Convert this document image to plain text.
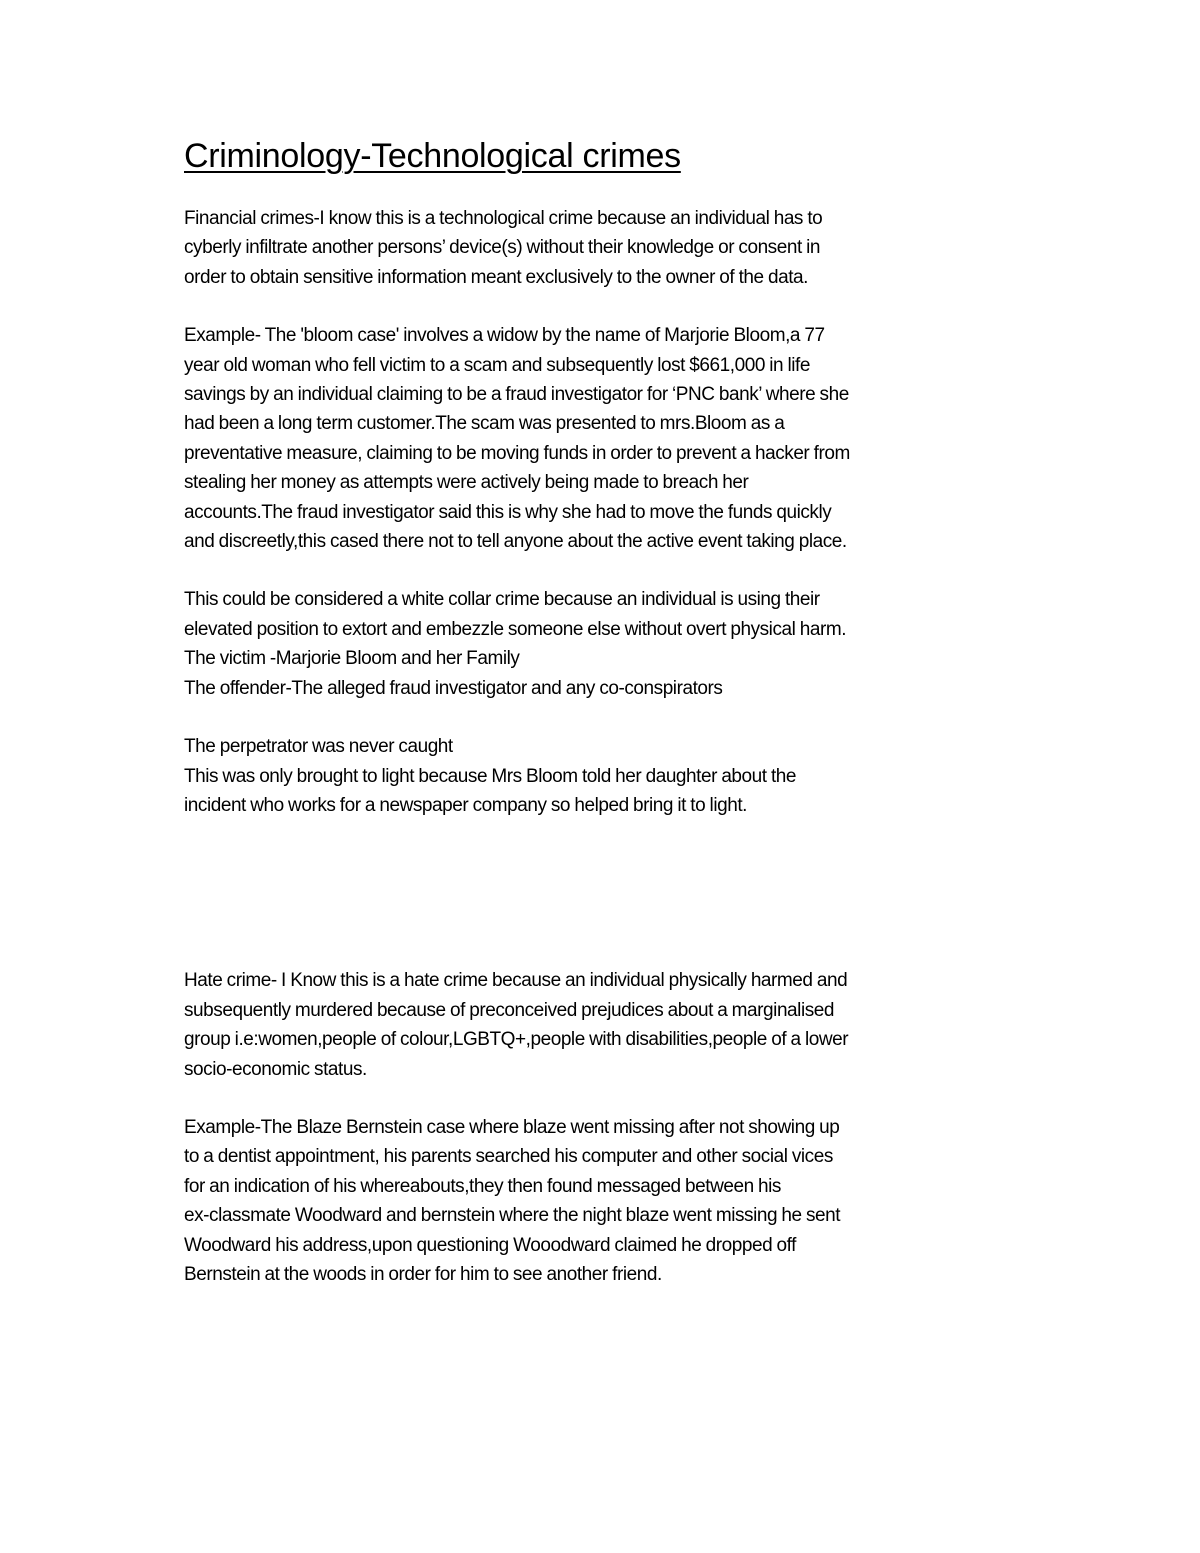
Criminology-Technological crimes

Financial crimes-I know this is a technological crime because an individual has to
cyberly infiltrate another persons’ device(s) without their knowledge or consent in
order to obtain sensitive information meant exclusively to the owner of the data.

Example- The 'bloom case' involves a widow by the name of Marjorie Bloom,a 77
year old woman who fell victim to a scam and subsequently lost $661,000 in life
savings by an individual claiming to be a fraud investigator for ‘PNC bank’ where she
had been a long term customer.The scam was presented to mrs.Bloom as a
preventative measure, claiming to be moving funds in order to prevent a hacker from
stealing her money as attempts were actively being made to breach her
accounts.The fraud investigator said this is why she had to move the funds quickly
and discreetly,this cased there not to tell anyone about the active event taking place.

This could be considered a white collar crime because an individual is using their
elevated position to extort and embezzle someone else without overt physical harm.
The victim -Marjorie Bloom and her Family
The offender-The alleged fraud investigator and any co-conspirators

The perpetrator was never caught
This was only brought to light because Mrs Bloom told her daughter about the
incident who works for a newspaper company so helped bring it to light.

Hate crime- I Know this is a hate crime because an individual physically harmed and
subsequently murdered because of preconceived prejudices about a marginalised
group i.e:women,people of colour,LGBTQ+,people with disabilities,people of a lower
socio-economic status.

Example-The Blaze Bernstein case where blaze went missing after not showing up
to a dentist appointment, his parents searched his computer and other social vices
for an indication of his whereabouts,they then found messaged between his
ex-classmate Woodward and bernstein where the night blaze went missing he sent
Woodward his address,upon questioning Wooodward claimed he dropped off
Bernstein at the woods in order for him to see another friend.
